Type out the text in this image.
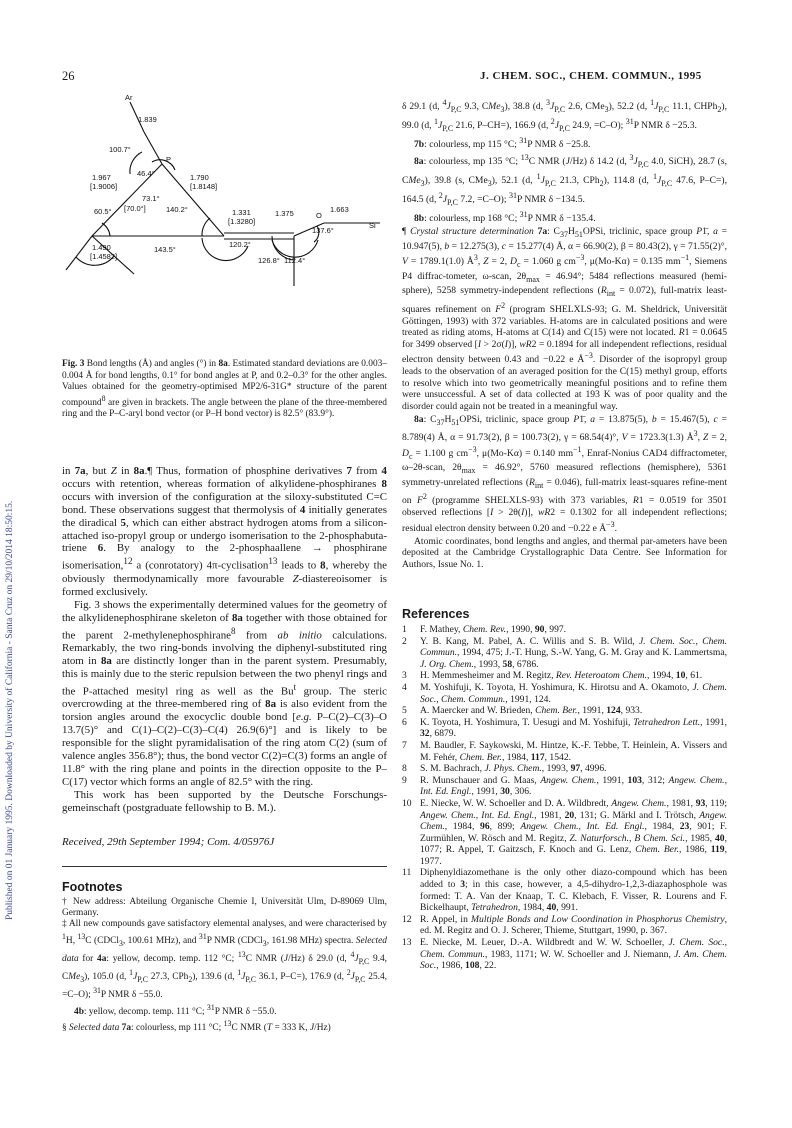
26	J. CHEM. SOC., CHEM. COMMUN., 1995
Published on 01 January 1995. Downloaded by University of California - Santa Cruz on 29/10/2014 18:50:15.
Ar
1.839
100.7°
P
46.4°
1.967
[1.9006]
1.790
[1.8148]
73.1°
[70.0°]
60.5°	140.2°	1.331
[1.3280]
1.375	O
1.663
Si
137.6°
1.490
[1.4582]
143.5°
120.2°
126.8° 112.4°

Fig. 3 Bond lengths (Å) and angles (°) in 8a. Estimated standard deviations are 0.003–0.004 Å for bond lengths, 0.1° for bond angles at P, and 0.2–0.3° for the other angles. Values obtained for the geometry-optimised MP2/6-31G* structure of the parent compound$^8$ are given in brackets. The angle between the plane of the three-membered ring and the P–C-aryl bond vector (or P–H bond vector) is 82.5° (83.9°).

in 7a, but Z in 8a.¶ Thus, formation of phosphine derivatives 7 from 4 occurs with retention, whereas formation of alkylidene-phosphiranes 8 occurs with inversion of the configuration at the siloxy-substituted C=C bond. These observations suggest that thermolysis of 4 initially generates the diradical 5, which can either abstract hydrogen atoms from a silicon-attached iso-propyl group or undergo isomerisation to the 2-phosphabuta-triene 6. By analogy to the 2-phosphaallene → phosphirane isomerisation,$^{12}$ a (conrotatory) 4π-cyclisation$^{13}$ leads to 8, whereby the obviously thermodynamically more favourable Z-diastereoisomer is formed exclusively.

Fig. 3 shows the experimentally determined values for the geometry of the alkylidenephosphirane skeleton of 8a together with those obtained for the parent 2-methylenephosphirane$^8$ from ab initio calculations. Remarkably, the two ring-bonds involving the diphenyl-substituted ring atom in 8a are distinctly longer than in the parent system. Presumably, this is mainly due to the steric repulsion between the two phenyl rings and the P-attached mesityl ring as well as the Bu$^t$ group. The steric overcrowding at the three-membered ring of 8a is also evident from the torsion angles around the exocyclic double bond [e.g. P–C(2)–C(3)–O 13.7(5)° and C(1)–C(2)–C(3)–C(4) 26.9(6)°] and is likely to be responsible for the slight pyramidalisation of the ring atom C(2) (sum of valence angles 356.8°); thus, the bond vector C(2)=C(3) forms an angle of 11.8° with the ring plane and points in the direction opposite to the P–C(17) vector which forms an angle of 82.5° with the ring.

This work has been supported by the Deutsche Forschungs-gemeinschaft (postgraduate fellowship to B. M.).

Received, 29th September 1994; Com. 4/05976J
Footnotes

† New address: Abteilung Organische Chemie I, Universität Ulm, D-89069 Ulm, Germany.

‡ All new compounds gave satisfactory elemental analyses, and were characterised by $^1$H, $^{13}$C (CDCl$_3$, 100.61 MHz), and $^{31}$P NMR (CDCl$_3$, 161.98 MHz) spectra. Selected data for 4a: yellow, decomp. temp. 112 °C; $^{13}$C NMR (J/Hz) δ 29.0 (d, $^4J_{P,C}$ 9.4, CMe$_3$), 105.0 (d, $^1J_{P,C}$ 27.3, CPh$_2$), 139.6 (d, $^1J_{P,C}$ 36.1, P–C=), 176.9 (d, $^2J_{P,C}$ 25.4, =C–O); $^{31}$P NMR δ −55.0.

4b: yellow, decomp. temp. 111 °C; $^{31}$P NMR δ −55.0.

§ Selected data 7a: colourless, mp 111 °C; $^{13}$C NMR (T = 333 K, J/Hz)

δ 29.1 (d, $^4J_{P,C}$ 9.3, CMe$_3$), 38.8 (d, $^3J_{P,C}$ 2.6, CMe$_3$), 52.2 (d, $^1J_{P,C}$ 11.1, CHPh$_2$), 99.0 (d, $^1J_{P,C}$ 21.6, P–CH=), 166.9 (d, $^2J_{P,C}$ 24.9, =C–O); $^{31}$P NMR δ −25.3.

7b: colourless, mp 115 °C; $^{31}$P NMR δ −25.8.

8a: colourless, mp 135 °C; $^{13}$C NMR (J/Hz) δ 14.2 (d, $^3J_{P,C}$ 4.0, SiCH), 28.7 (s, CMe$_3$), 39.8 (s, CMe$_3$), 52.1 (d, $^1J_{P,C}$ 21.3, CPh$_2$), 114.8 (d, $^1J_{P,C}$ 47.6, P–C=), 164.5 (d, $^2J_{P,C}$ 7.2, =C–O); $^{31}$P NMR δ −134.5.

8b: colourless, mp 168 °C; $^{31}$P NMR δ −135.4.

¶ Crystal structure determination 7a: $C_{37}H_{51}OPSi$, triclinic, space group P1̄, a = 10.947(5), b = 12.275(3), c = 15.277(4) Å, α = 66.90(2), β = 80.43(2), γ = 71.55(2)°, V = 1789.1(1.0) $Å^3$, Z = 2, $D_c = 1.060$ g $cm^{-3}$, μ(Mo-Kα) = 0.135 $mm^{-1}$, Siemens P4 diffrac-tometer, ω-scan, $2\theta_{max} = 46.94^\circ$; 5484 reflections measured (hemi-sphere), 5258 symmetry-independent reflections $(R_{int} = 0.072)$, full-matrix least-squares refinement on $F^2$ (program SHELXLS-93; G. M. Sheldrick, Universität Göttingen, 1993) with 372 variables. H-atoms are in calculated positions and were treated as riding atoms, H-atoms at C(14) and C(15) were not located. R1 = 0.0645 for 3499 observed [I > 2σ(I)], wR2 = 0.1894 for all independent reflections, residual electron density between 0.43 and −0.22 e $Å^{-3}$. Disorder of the isopropyl group leads to the observation of an averaged position for the C(15) methyl group, efforts to resolve which into two geometrically meaningful positions and to refine them were unsuccessful. A set of data collected at 193 K was of poor quality and the disorder could again not be treated in a meaningful way.

8a: $C_{37}H_{51}OPSi$, triclinic, space group P1̄, a = 13.875(5), b = 15.467(5), c = 8.789(4) Å, α = 91.73(2), β = 100.73(2), γ = 68.54(4)°, V = 1723.3(1.3) $Å^3$, Z = 2, $D_c = 1.100$ g $cm^{-3}$, μ(Mo-Kα) = 0.140 $mm^{-1}$, Enraf-Nonius CAD4 diffractometer, ω–2θ-scan, $2\theta_{max} = 46.92^\circ$, 5760 measured reflections (hemisphere), 5361 symmetry-unrelated reflections $(R_{int} = 0.046)$, full-matrix least-squares refine-ment on $F^2$ (programme SHELXLS-93) with 373 variables, R1 = 0.0519 for 3501 observed reflections [I > 2θ(I)], wR2 = 0.1302 for all independent reflections; residual electron density between 0.20 and −0.22 e $Å^{-3}$.

Atomic coordinates, bond lengths and angles, and thermal par-ameters have been deposited at the Cambridge Crystallographic Data Centre. See Information for Authors, Issue No. 1.

References
1 F. Mathey, Chem. Rev., 1990, 90, 997.
2 Y. B. Kang, M. Pabel, A. C. Willis and S. B. Wild, J. Chem. Soc., Chem. Commun., 1994, 475; J.-T. Hung, S.-W. Yang, G. M. Gray and K. Lammertsma, J. Org. Chem., 1993, 58, 6786.
3 H. Memmesheimer and M. Regitz, Rev. Heteroatom Chem., 1994, 10, 61.
4 M. Yoshifuji, K. Toyota, H. Yoshimura, K. Hirotsu and A. Okamoto, J. Chem. Soc., Chem. Commun., 1991, 124.
5 A. Maercker and W. Brieden, Chem. Ber., 1991, 124, 933.
6 K. Toyota, H. Yoshimura, T. Uesugi and M. Yoshifuji, Tetrahedron Lett., 1991, 32, 6879.
7 M. Baudler, F. Saykowski, M. Hintze, K.-F. Tebbe, T. Heinlein, A. Vissers and M. Fehér, Chem. Ber., 1984, 117, 1542.
8 S. M. Bachrach, J. Phys. Chem., 1993, 97, 4996.
9 R. Munschauer and G. Maas, Angew. Chem., 1991, 103, 312; Angew. Chem., Int. Ed. Engl., 1991, 30, 306.
10 E. Niecke, W. W. Schoeller and D. A. Wildbredt, Angew. Chem., 1981, 93, 119; Angew. Chem., Int. Ed. Engl., 1981, 20, 131; G. Märkl and I. Trötsch, Angew. Chem., 1984, 96, 899; Angew. Chem., Int. Ed. Engl., 1984, 23, 901; F. Zurmühlen, W. Rösch and M. Regitz, Z. Naturforsch., B Chem. Sci., 1985, 40, 1077; R. Appel, T. Gaitzsch, F. Knoch and G. Lenz, Chem. Ber., 1986, 119, 1977.
11 Diphenyldiazomethane is the only other diazo-compound which has been added to 3; in this case, however, a 4,5-dihydro-1,2,3-diazaphosphole was formed: T. A. Van der Knaap, T. C. Klebach, F. Visser, R. Lourens and F. Bickelhaupt, Tetrahedron, 1984, 40, 991.
12 R. Appel, in Multiple Bonds and Low Coordination in Phosphorus Chemistry, ed. M. Regitz and O. J. Scherer, Thieme, Stuttgart, 1990, p. 367.
13 E. Niecke, M. Leuer, D.-A. Wildbredt and W. W. Schoeller, J. Chem. Soc., Chem. Commun., 1983, 1171; W. W. Schoeller and J. Niemann, J. Am. Chem. Soc., 1986, 108, 22.
